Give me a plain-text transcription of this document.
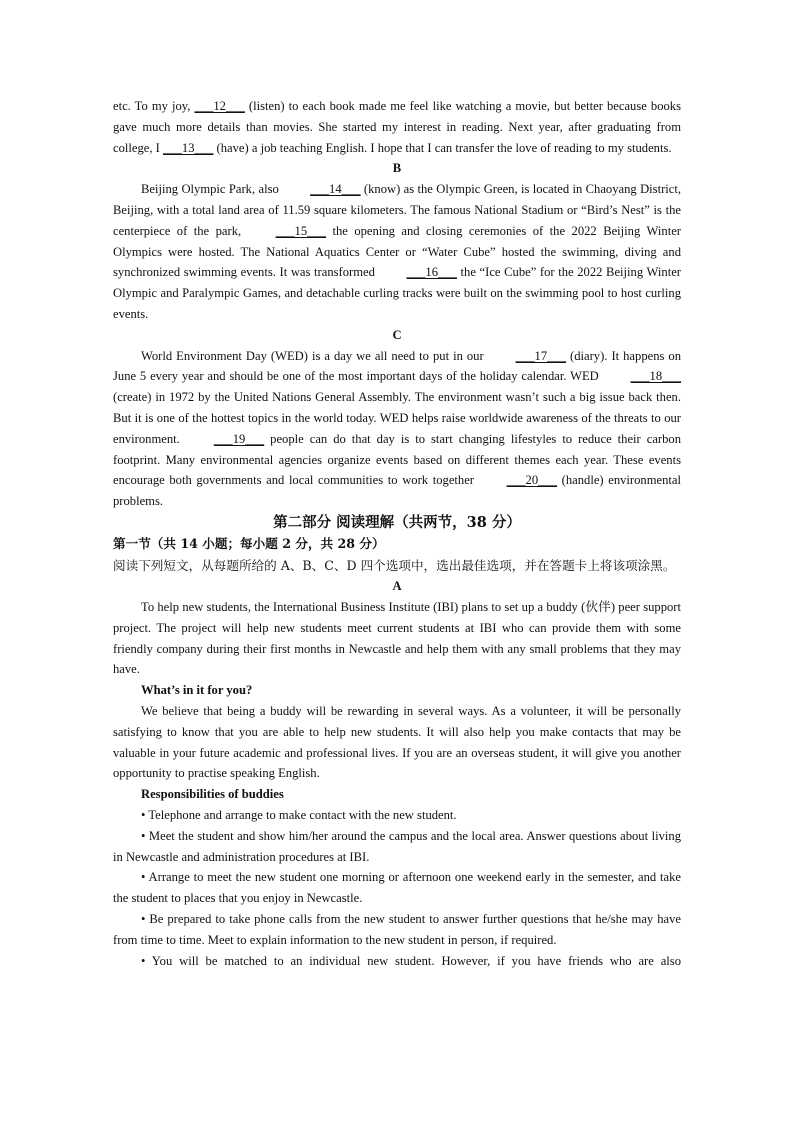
etc. To my joy, ___12___ (listen) to each book made me feel like watching a movie, but better because books gave much more details than movies. She started my interest in reading. Next year, after graduating from college, I ___13___ (have) a job teaching English. I hope that I can transfer the love of reading to my students.

B

Beijing Olympic Park, also ___14___ (know) as the Olympic Green, is located in Chaoyang District, Beijing, with a total land area of 11.59 square kilometers. The famous National Stadium or “Bird’s Nest” is the centerpiece of the park, ___15___ the opening and closing ceremonies of the 2022 Beijing Winter Olympics were hosted. The National Aquatics Center or “Water Cube” hosted the swimming, diving and synchronized swimming events. It was transformed ___16___ the “Ice Cube” for the 2022 Beijing Winter Olympic and Paralympic Games, and detachable curling tracks were built on the swimming pool to host curling events.

C

World Environment Day (WED) is a day we all need to put in our ___17___ (diary). It happens on June 5 every year and should be one of the most important days of the holiday calendar. WED ___18___ (create) in 1972 by the United Nations General Assembly. The environment wasn’t such a big issue back then. But it is one of the hottest topics in the world today. WED helps raise worldwide awareness of the threats to our environment. ___19___ people can do that day is to start changing lifestyles to reduce their carbon footprint. Many environmental agencies organize events based on different themes each year. These events encourage both governments and local communities to work together ___20___ (handle) environmental problems.

第二部分 阅读理解（共两节，38 分）

第一节（共 14 小题；每小题 2 分，共 28 分）

阅读下列短文，从每题所给的 A、B、C、D 四个选项中，选出最佳选项，并在答题卡上将该项涂黑。

A

To help new students, the International Business Institute (IBI) plans to set up a buddy (伙伴) peer support project. The project will help new students meet current students at IBI who can provide them with some friendly company during their first months in Newcastle and help them with any small problems that they may have.

What’s in it for you?

We believe that being a buddy will be rewarding in several ways. As a volunteer, it will be personally satisfying to know that you are able to help new students. It will also help you make contacts that may be valuable in your future academic and professional lives. If you are an overseas student, it will give you another opportunity to practise speaking English.

Responsibilities of buddies

• Telephone and arrange to make contact with the new student.

• Meet the student and show him/her around the campus and the local area. Answer questions about living in Newcastle and administration procedures at IBI.

• Arrange to meet the new student one morning or afternoon one weekend early in the semester, and take the student to places that you enjoy in Newcastle.

• Be prepared to take phone calls from the new student to answer further questions that he/she may have from time to time. Meet to explain information to the new student in person, if required.

• You will be matched to an individual new student. However, if you have friends who are also
